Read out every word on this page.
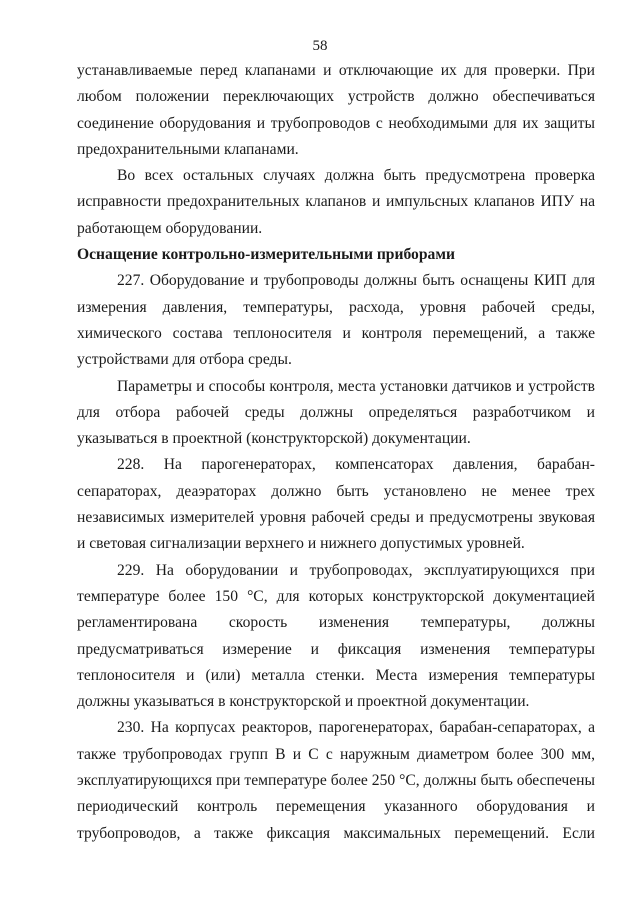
58

устанавливаемые перед клапанами и отключающие их для проверки. При любом положении переключающих устройств должно обеспечиваться соединение оборудования и трубопроводов с необходимыми для их защиты предохранительными клапанами.

Во всех остальных случаях должна быть предусмотрена проверка исправности предохранительных клапанов и импульсных клапанов ИПУ на работающем оборудовании.

Оснащение контрольно-измерительными приборами

227. Оборудование и трубопроводы должны быть оснащены КИП для измерения давления, температуры, расхода, уровня рабочей среды, химического состава теплоносителя и контроля перемещений, а также устройствами для отбора среды.

Параметры и способы контроля, места установки датчиков и устройств для отбора рабочей среды должны определяться разработчиком и указываться в проектной (конструкторской) документации.

228. На парогенераторах, компенсаторах давления, барабан-сепараторах, деаэраторах должно быть установлено не менее трех независимых измерителей уровня рабочей среды и предусмотрены звуковая и световая сигнализации верхнего и нижнего допустимых уровней.

229. На оборудовании и трубопроводах, эксплуатирующихся при температуре более 150 °С, для которых конструкторской документацией регламентирована скорость изменения температуры, должны предусматриваться измерение и фиксация изменения температуры теплоносителя и (или) металла стенки. Места измерения температуры должны указываться в конструкторской и проектной документации.

230. На корпусах реакторов, парогенераторах, барабан-сепараторах, а также трубопроводах групп В и С с наружным диаметром более 300 мм, эксплуатирующихся при температуре более 250 °С, должны быть обеспечены периодический контроль перемещения указанного оборудования и трубопроводов, а также фиксация максимальных перемещений. Если
